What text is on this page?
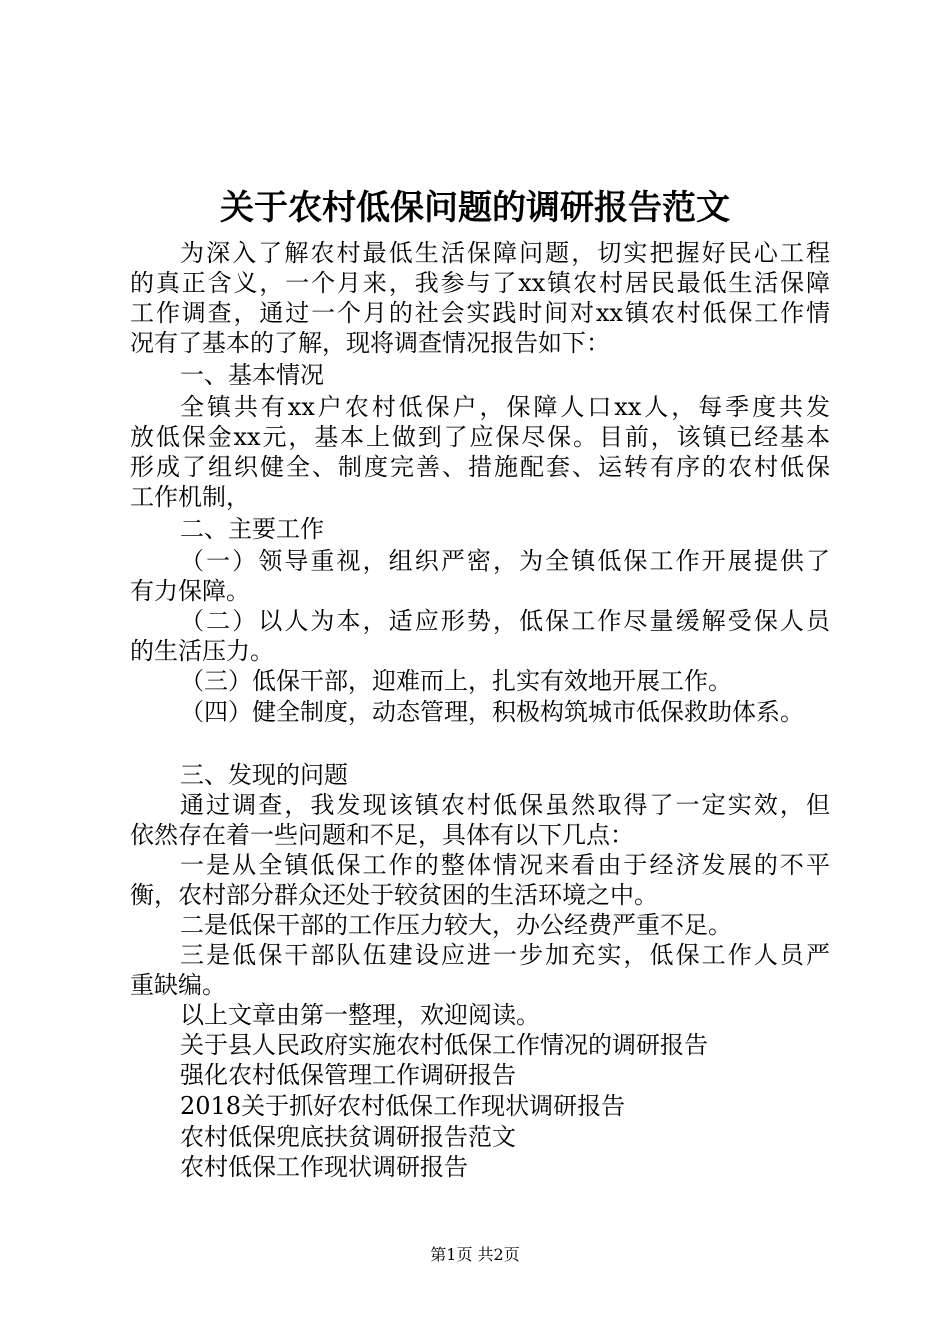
关于农村低保问题的调研报告范文
为深入了解农村最低生活保障问题，切实把握好民心工程
的真正含义，一个月来，我参与了xx镇农村居民最低生活保障
工作调查，通过一个月的社会实践时间对xx镇农村低保工作情
况有了基本的了解，现将调查情况报告如下：
一、基本情况
全镇共有xx户农村低保户，保障人口xx人，每季度共发
放低保金xx元，基本上做到了应保尽保。目前，该镇已经基本
形成了组织健全、制度完善、措施配套、运转有序的农村低保
工作机制，
二、主要工作
（一）领导重视，组织严密，为全镇低保工作开展提供了
有力保障。
（二）以人为本，适应形势，低保工作尽量缓解受保人员
的生活压力。
（三）低保干部，迎难而上，扎实有效地开展工作。
（四）健全制度，动态管理，积极构筑城市低保救助体系。
三、发现的问题
通过调查，我发现该镇农村低保虽然取得了一定实效，但
依然存在着一些问题和不足，具体有以下几点：
一是从全镇低保工作的整体情况来看由于经济发展的不平
衡，农村部分群众还处于较贫困的生活环境之中。
二是低保干部的工作压力较大，办公经费严重不足。
三是低保干部队伍建设应进一步加充实，低保工作人员严
重缺编。
以上文章由第一整理，欢迎阅读。
关于县人民政府实施农村低保工作情况的调研报告
强化农村低保管理工作调研报告
2018关于抓好农村低保工作现状调研报告
农村低保兜底扶贫调研报告范文
农村低保工作现状调研报告
第1页 共2页
